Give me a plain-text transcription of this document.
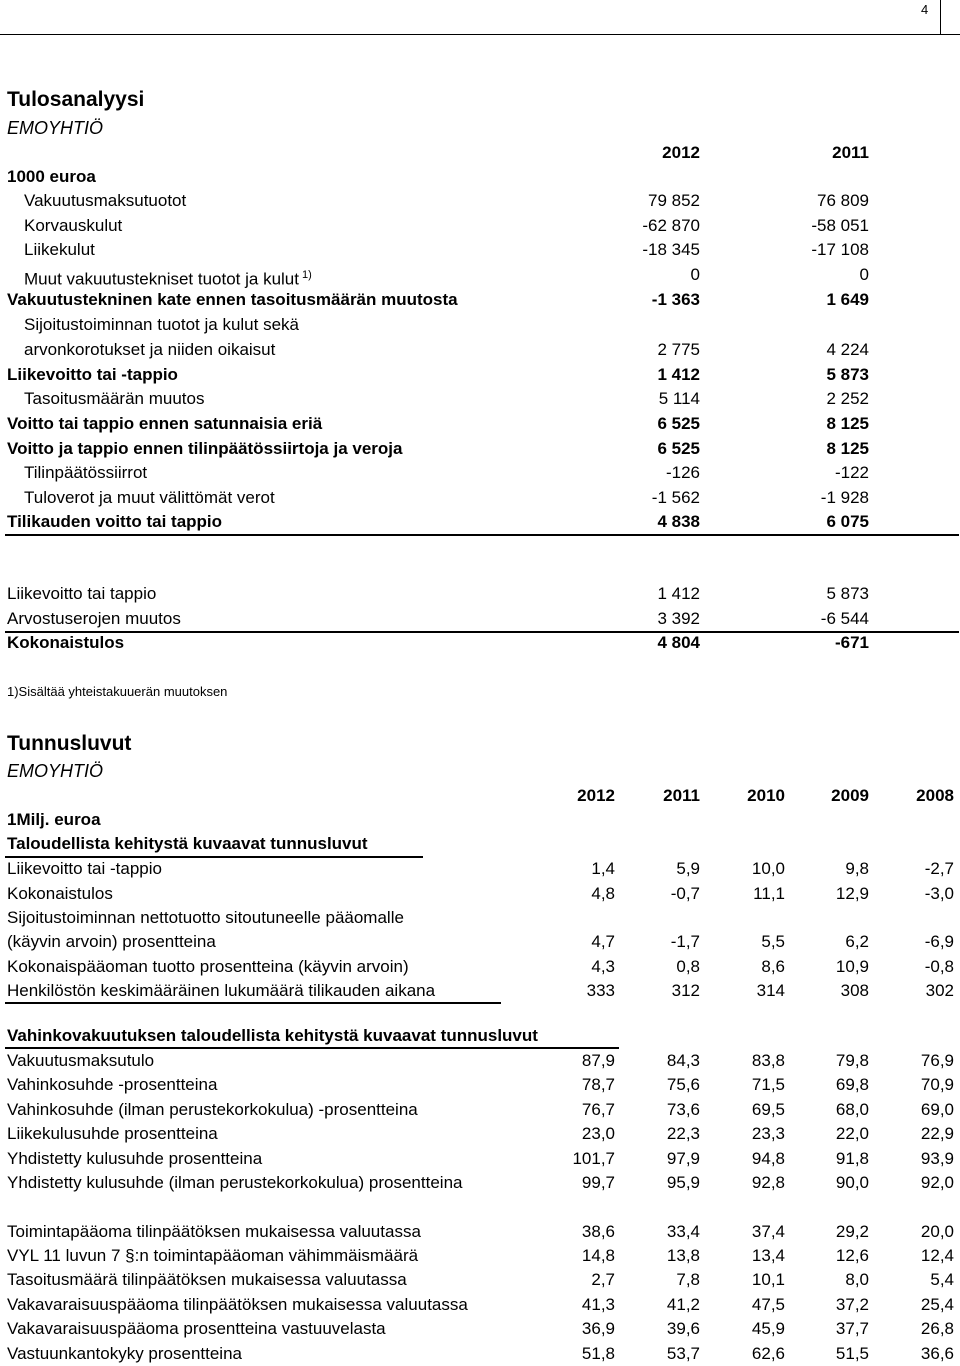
4
Tulosanalyysi
EMOYHTIÖ
2012	2011
1000 euroa
Vakuutusmaksutuotot	79 852	76 809
Korvauskulut	-62 870	-58 051
Liikekulut	-18 345	-17 108
Muut vakuutustekniset tuotot ja kulut $^{1)}$	0	0
Vakuutustekninen kate ennen tasoitusmäärän muutosta	-1 363	1 649
Sijoitustoiminnan tuotot ja kulut sekä
arvonkorotukset ja niiden oikaisut	2 775	4 224
Liikevoitto tai -tappio	1 412	5 873
Tasoitusmäärän muutos	5 114	2 252
Voitto tai tappio ennen satunnaisia eriä	6 525	8 125
Voitto ja tappio ennen tilinpäätössiirtoja ja veroja	6 525	8 125
Tilinpäätössiirrot	-126	-122
Tuloverot ja muut välittömät verot	-1 562	-1 928
Tilikauden voitto tai tappio	4 838	6 075
Liikevoitto tai tappio	1 412	5 873
Arvostuserojen muutos	3 392	-6 544
Kokonaistulos	4 804	-671
1)Sisältää yhteistakuuerän muutoksen
Tunnusluvut
EMOYHTIÖ
2012	2011	2010	2009	2008
1Milj. euroa
Taloudellista kehitystä kuvaavat tunnusluvut
Liikevoitto tai -tappio	1,4	5,9	10,0	9,8	-2,7
Kokonaistulos	4,8	-0,7	11,1	12,9	-3,0
Sijoitustoiminnan nettotuotto sitoutuneelle pääomalle
(käyvin arvoin) prosentteina	4,7	-1,7	5,5	6,2	-6,9
Kokonaispääoman tuotto prosentteina (käyvin arvoin)	4,3	0,8	8,6	10,9	-0,8
Henkilöstön keskimääräinen lukumäärä tilikauden aikana	333	312	314	308	302
Vahinkovakuutuksen taloudellista kehitystä kuvaavat tunnusluvut
Vakuutusmaksutulo	87,9	84,3	83,8	79,8	76,9
Vahinkosuhde -prosentteina	78,7	75,6	71,5	69,8	70,9
Vahinkosuhde (ilman perustekorkokulua) -prosentteina	76,7	73,6	69,5	68,0	69,0
Liikekulusuhde prosentteina	23,0	22,3	23,3	22,0	22,9
Yhdistetty kulusuhde prosentteina	101,7	97,9	94,8	91,8	93,9
Yhdistetty kulusuhde (ilman perustekorkokulua) prosentteina	99,7	95,9	92,8	90,0	92,0
Toimintapääoma tilinpäätöksen mukaisessa valuutassa	38,6	33,4	37,4	29,2	20,0
VYL 11 luvun 7 §:n toimintapääoman vähimmäismäärä	14,8	13,8	13,4	12,6	12,4
Tasoitusmäärä tilinpäätöksen mukaisessa valuutassa	2,7	7,8	10,1	8,0	5,4
Vakavaraisuuspääoma tilinpäätöksen mukaisessa valuutassa	41,3	41,2	47,5	37,2	25,4
Vakavaraisuuspääoma prosentteina vastuuvelasta	36,9	39,6	45,9	37,7	26,8
Vastuunkantokyky prosentteina	51,8	53,7	62,6	51,5	36,6
